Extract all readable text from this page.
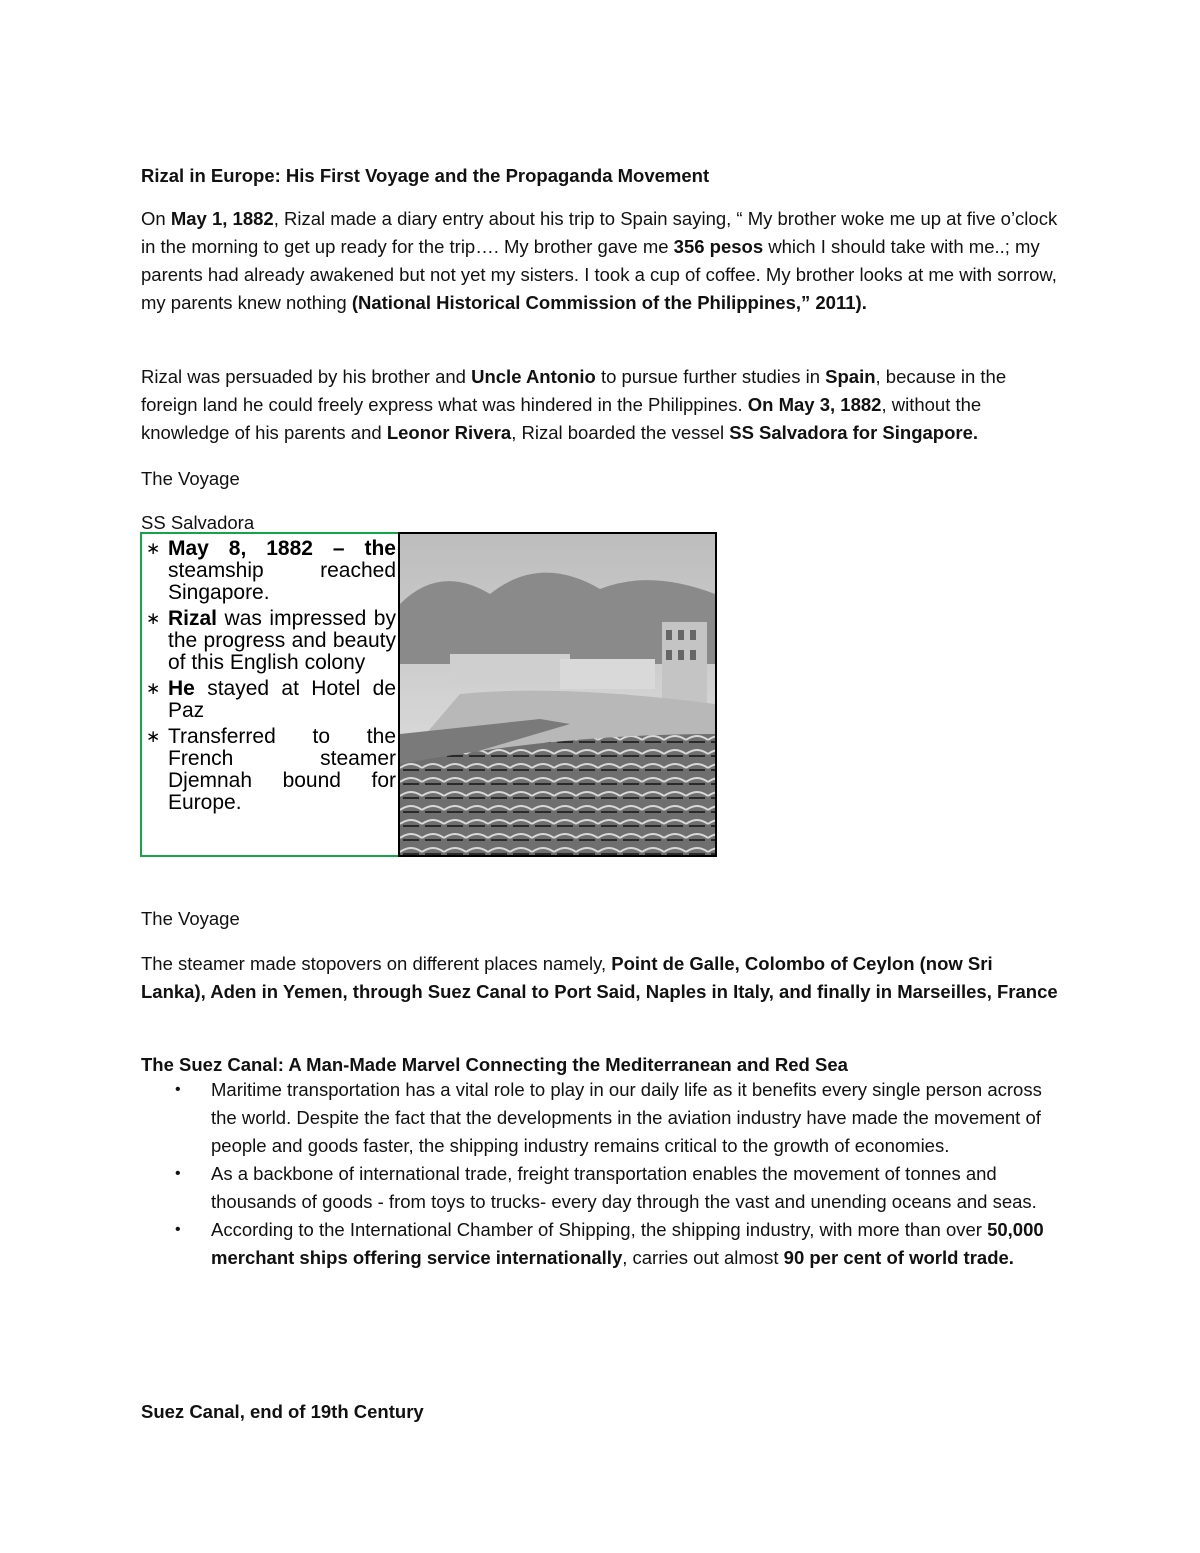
Rizal in Europe: His First Voyage and the Propaganda Movement

On May 1, 1882, Rizal made a diary entry about his trip to Spain saying, “ My brother woke me up at five o’clock in the morning to get up ready for the trip…. My brother gave me 356 pesos which I should take with me..; my parents had already awakened but not yet my sisters. I took a cup of coffee. My brother looks at me with sorrow, my parents knew nothing (National Historical Commission of the Philippines,” 2011).

Rizal was persuaded by his brother and Uncle Antonio to pursue further studies in Spain, because in the foreign land he could freely express what was hindered in the Philippines. On May 3, 1882, without the knowledge of his parents and Leonor Rivera, Rizal boarded the vessel SS Salvadora for Singapore.

The Voyage

SS Salvadora

∗ May 8, 1882 – the steamship reached Singapore.
∗ Rizal was impressed by the progress and beauty of this English colony
∗ He stayed at Hotel de Paz
∗ Transferred to the French steamer Djemnah bound for Europe.

The Voyage

The steamer made stopovers on different places namely, Point de Galle, Colombo of Ceylon (now Sri Lanka), Aden in Yemen, through Suez Canal to Port Said, Naples in Italy, and finally in Marseilles, France

The Suez Canal: A Man-Made Marvel Connecting the Mediterranean and Red Sea

• Maritime transportation has a vital role to play in our daily life as it benefits every single person across the world. Despite the fact that the developments in the aviation industry have made the movement of people and goods faster, the shipping industry remains critical to the growth of economies.
• As a backbone of international trade, freight transportation enables the movement of tonnes and thousands of goods - from toys to trucks- every day through the vast and unending oceans and seas.
• According to the International Chamber of Shipping, the shipping industry, with more than over 50,000 merchant ships offering service internationally, carries out almost 90 per cent of world trade.

Suez Canal, end of 19th Century
